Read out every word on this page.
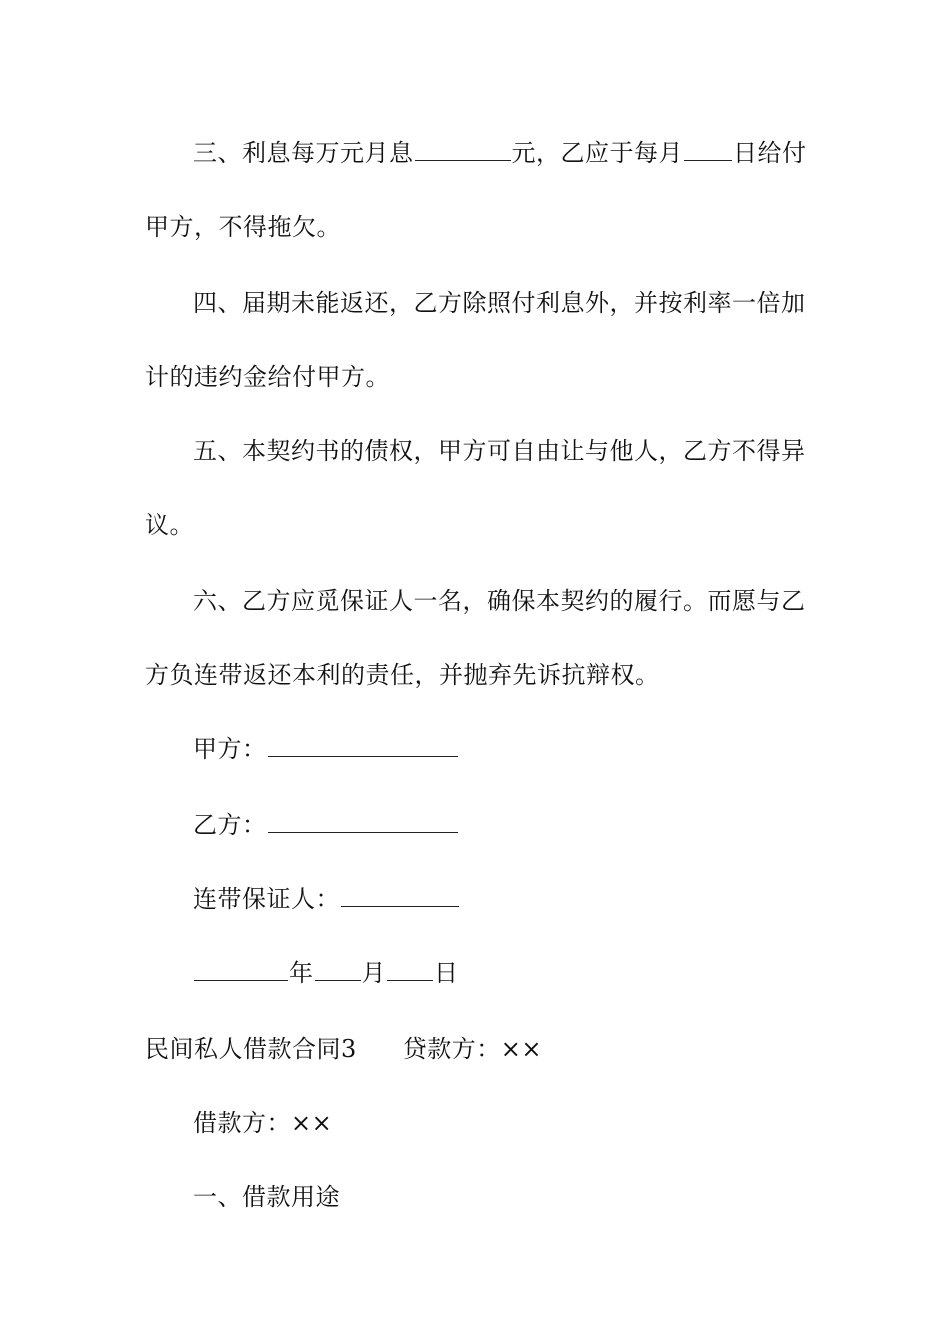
三、利息每万元月息	元，乙应于每月 日给付
甲方，不得拖欠。
四、届期未能返还，乙方除照付利息外，并按利率一倍加
计的违约金给付甲方。
五、本契约书的债权，甲方可自由让与他人，乙方不得异
议。
六、乙方应觅保证人一名，确保本契约的履行。而愿与乙
方负连带返还本利的责任，并抛弃先诉抗辩权。
甲方：
乙方：
连带保证人：
年 月 日
民间私人借款合同3 贷款方：××
借款方：××
一、借款用途
